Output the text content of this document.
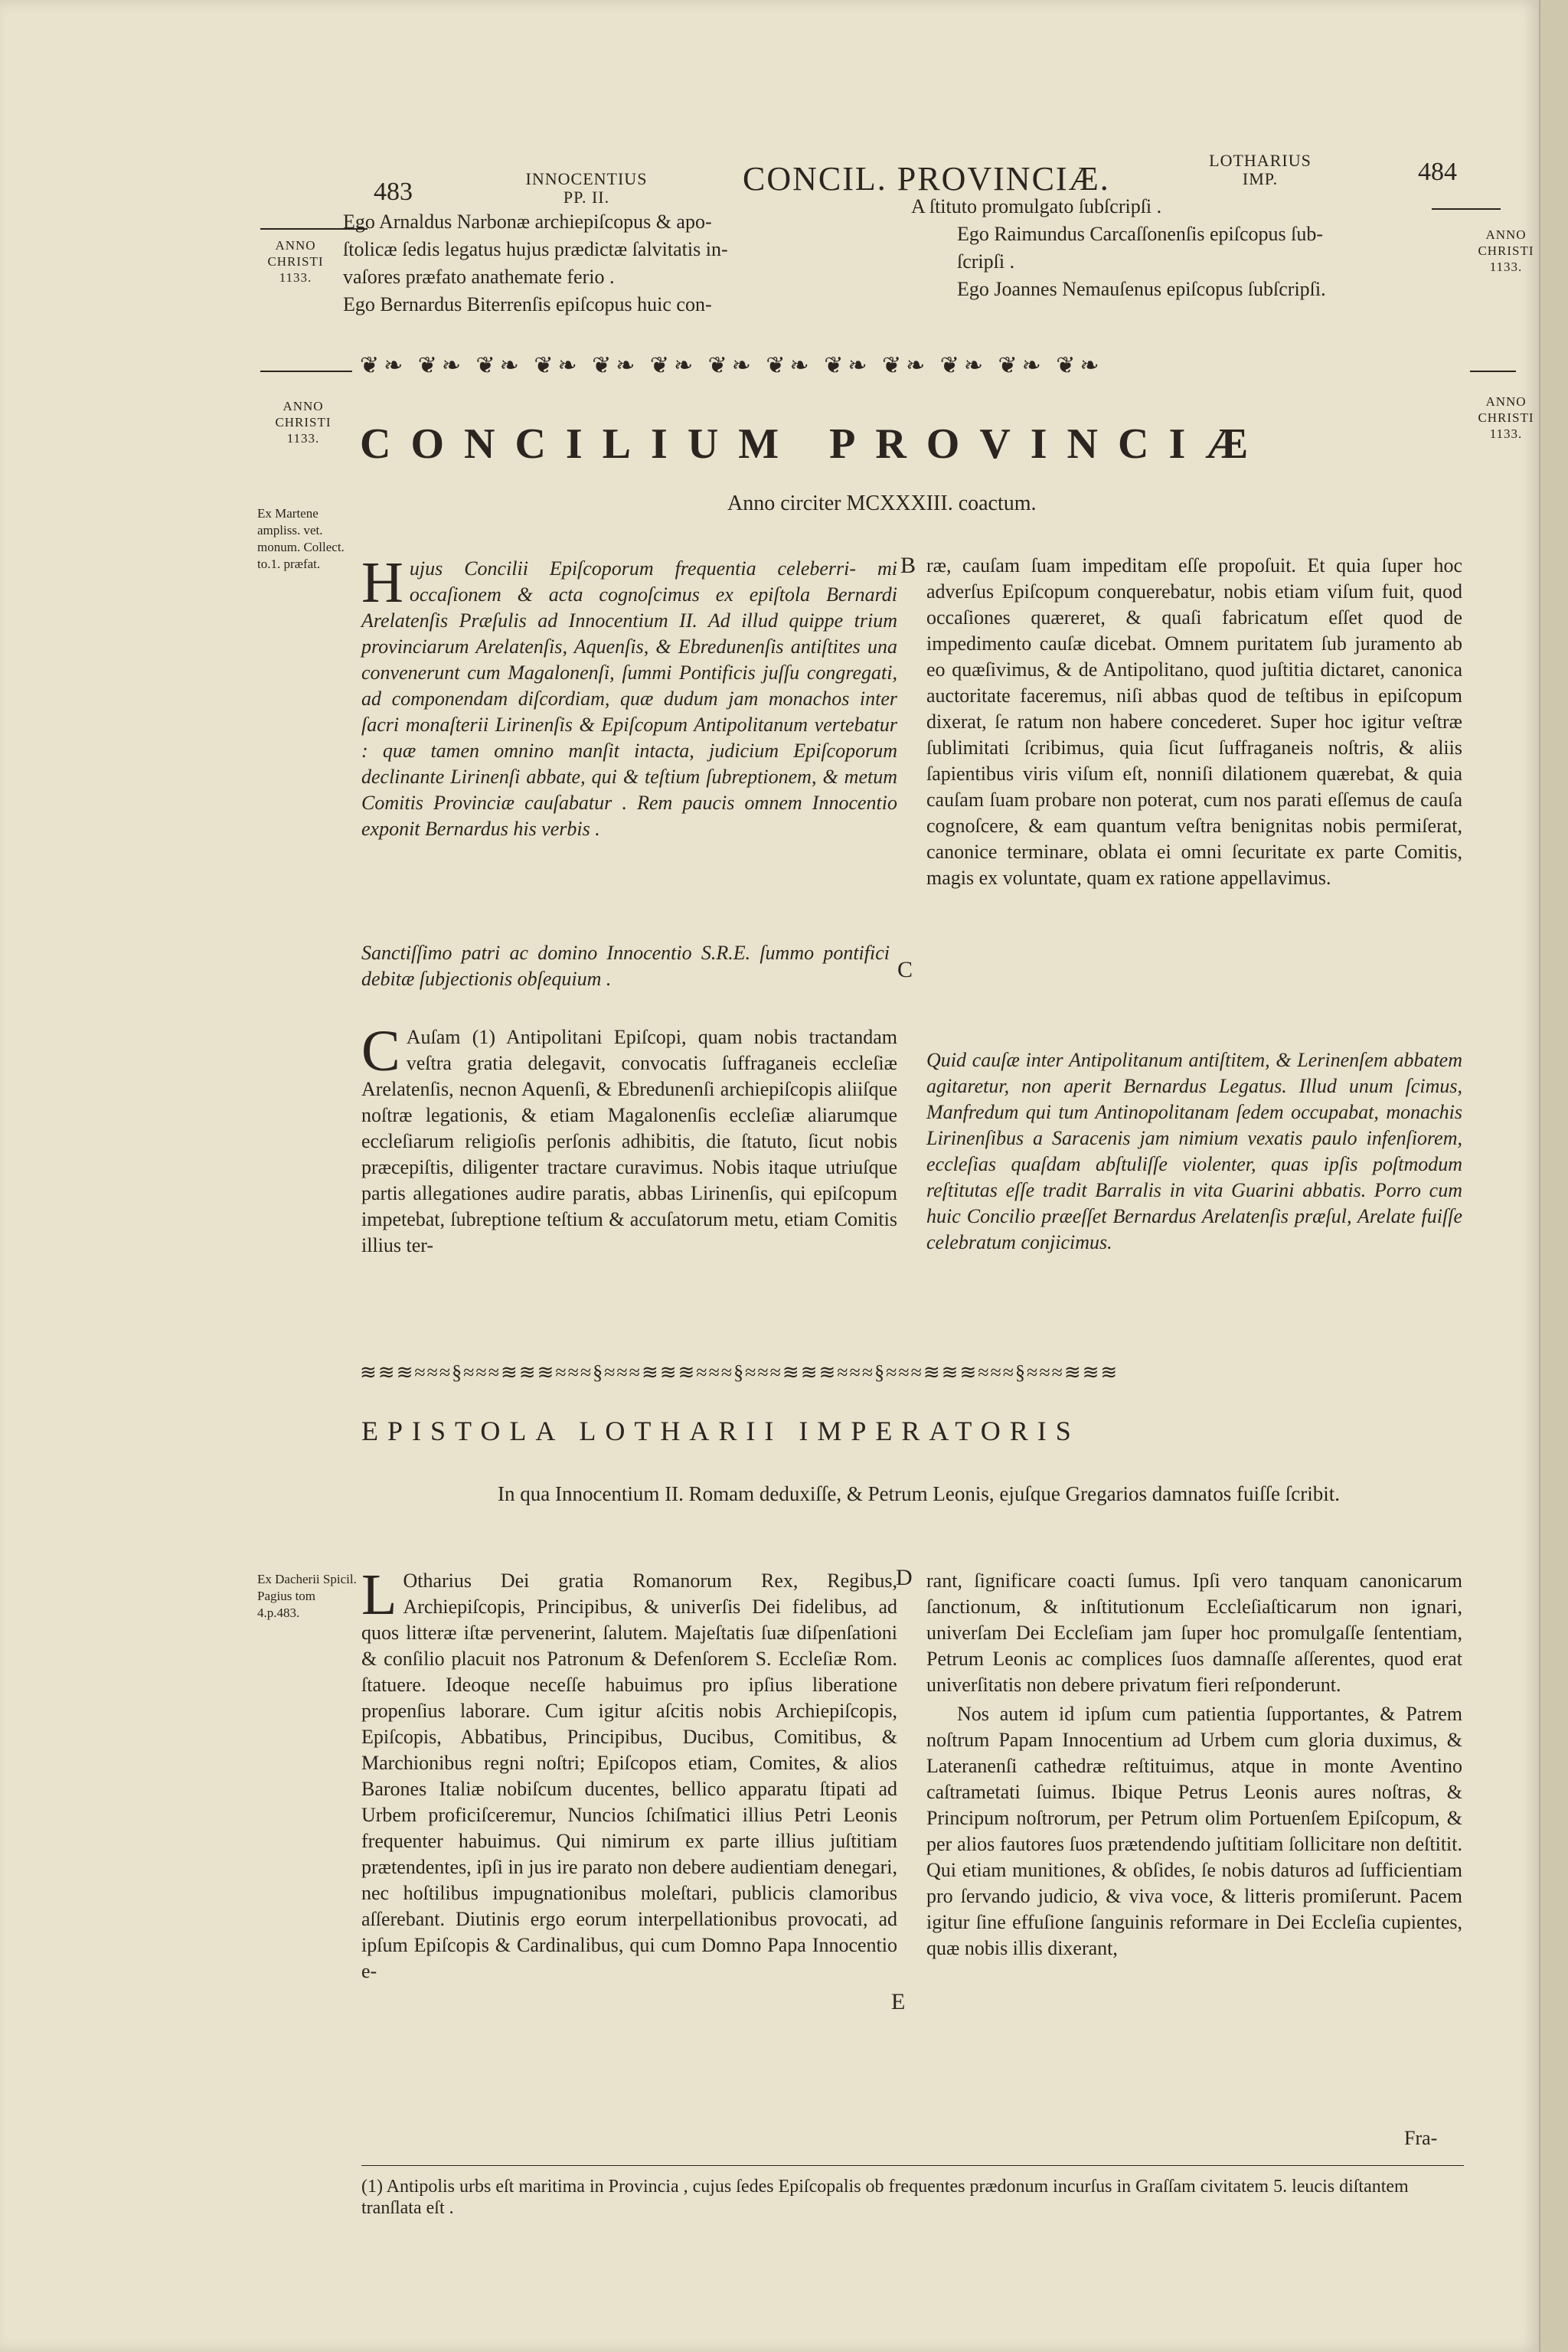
483	INNOCENTIUS
PP. II.	CONCIL. PROVINCIÆ.	LOTHARIUS
IMP.	484
ANNO CHRISTI 1133.
ANNO CHRISTI 1133.
Ego Arnaldus Narbonæ archiepiſcopus & apo-
ſtolicæ ſedis legatus hujus prædictæ ſalvitatis in-
vaſores præfato anathemate ferio .
Ego Bernardus Biterrenſis epiſcopus huic con-
A ſtituto promulgato ſubſcripſi .
Ego Raimundus Carcaſſonenſis epiſcopus ſub-
ſcripſi .
Ego Joannes Nemauſenus epiſcopus ſubſcripſi.
❦❧ ❦❧ ❦❧ ❦❧ ❦❧ ❦❧ ❦❧ ❦❧ ❦❧ ❦❧ ❦❧ ❦❧ ❦❧
ANNO CHRISTI 1133.
ANNO CHRISTI 1133.
CONCILIUM PROVINCIÆ
Anno circiter MCXXXIII. coactum.
Ex Martene ampliss. vet. monum. Collect. to.1. præfat. Hujus Concilii Epiſcoporum frequentia celeberri- mi occaſionem & acta cognoſcimus ex epiſtola Bernardi Arelatenſis Præſulis ad Innocentium II. Ad illud quippe trium provinciarum Arelatenſis, Aquenſis, & Ebredunenſis antiſtites una convenerunt cum Magalonenſi, ſummi Pontificis juſſu congregati, ad componendam diſcordiam, quæ dudum jam monachos inter ſacri monaſterii Lirinenſis & Epiſcopum Antipolitanum vertebatur : quæ tamen omnino manſit intacta, judicium Epiſcoporum declinante Lirinenſi abbate, qui & teſtium ſubreptionem, & metum Comitis Provinciæ cauſabatur . Rem paucis omnem Innocentio exponit Bernardus his verbis .
Sanctiſſimo patri ac domino Innocentio S.R.E. ſummo pontifici debitæ ſubjectionis obſequium .
C Auſam (1) Antipolitani Epiſcopi, quam nobis tractandam veſtra gratia delegavit, convocatis ſuffraganeis eccleſiæ Arelatenſis, necnon Aquenſi, & Ebredunenſi archiepiſcopis aliiſque noſtræ legationis, & etiam Magalonenſis eccleſiæ aliarumque eccleſiarum religioſis perſonis adhibitis, die ſtatuto, ſicut nobis præcepiſtis, diligenter tractare curavimus. Nobis itaque utriuſque partis allegationes audire paratis, abbas Lirinenſis, qui epiſcopum impetebat, ſubreptione teſtium & accuſatorum metu, etiam Comitis illius ter-
B
C
ræ, cauſam ſuam impeditam eſſe propoſuit. Et quia ſuper hoc adverſus Epiſcopum conquerebatur, nobis etiam viſum fuit, quod occaſiones quæreret, & quaſi fabricatum eſſet quod de impedimento cauſæ dicebat. Omnem puritatem ſub juramento ab eo quæſivimus, & de Antipolitano, quod juſtitia dictaret, canonica auctoritate faceremus, niſi abbas quod de teſtibus in epiſcopum dixerat, ſe ratum non habere concederet. Super hoc igitur veſtræ ſublimitati ſcribimus, quia ſicut ſuffraganeis noſtris, & aliis ſapientibus viris viſum eſt, nonniſi dilationem quærebat, & quia cauſam ſuam probare non poterat, cum nos parati eſſemus de cauſa cognoſcere, & eam quantum veſtra benignitas nobis permiſerat, canonice terminare, oblata ei omni ſecuritate ex parte Comitis, magis ex voluntate, quam ex ratione appellavimus.
Quid cauſæ inter Antipolitanum antiſtitem, & Lerinenſem abbatem agitaretur, non aperit Bernardus Legatus. Illud unum ſcimus, Manfredum qui tum Antinopolitanam ſedem occupabat, monachis Lirinenſibus a Saracenis jam nimium vexatis paulo infenſiorem, eccleſias quaſdam abſtuliſſe violenter, quas ipſis poſtmodum reſtitutas eſſe tradit Barralis in vita Guarini abbatis. Porro cum huic Concilio præeſſet Bernardus Arelatenſis præſul, Arelate fuiſſe celebratum conjicimus.
≋≋≋≈≈≈§≈≈≈≋≋≋≈≈≈§≈≈≈≋≋≋≈≈≈§≈≈≈≋≋≋≈≈≈§≈≈≈≋≋≋≈≈≈§≈≈≈≋≋≋
EPISTOLA LOTHARII IMPERATORIS
In qua Innocentium II. Romam deduxiſſe, & Petrum Leonis, ejuſque Gregarios damnatos fuiſſe ſcribit.
Ex Dacherii Spicil. Pagius tom 4.p.483.	L Otharius Dei gratia Romanorum Rex, Regibus, Archiepiſcopis, Principibus, & univerſis Dei fidelibus, ad quos litteræ iſtæ pervenerint, ſalutem. Majeſtatis ſuæ diſpenſationi & conſilio placuit nos Patronum & Defenſorem S. Eccleſiæ Rom. ſtatuere. Ideoque neceſſe habuimus pro ipſius liberatione propenſius laborare. Cum igitur aſcitis nobis Archiepiſcopis, Epiſcopis, Abbatibus, Principibus, Ducibus, Comitibus, & Marchionibus regni noſtri; Epiſcopos etiam, Comites, & alios Barones Italiæ nobiſcum ducentes, bellico apparatu ſtipati ad Urbem proficiſceremur, Nuncios ſchiſmatici illius Petri Leonis frequenter habuimus. Qui nimirum ex parte illius juſtitiam prætendentes, ipſi in jus ire parato non debere audientiam denegari, nec hoſtilibus impugnationibus moleſtari, publicis clamoribus aſſerebant. Diutinis ergo eorum interpellationibus provocati, ad ipſum Epiſcopis & Cardinalibus, qui cum Domno Papa Innocentio e-
D
E
rant, ſignificare coacti ſumus. Ipſi vero tanquam canonicarum ſanctionum, & inſtitutionum Eccleſiaſticarum non ignari, univerſam Dei Eccleſiam jam ſuper hoc promulgaſſe ſententiam, Petrum Leonis ac complices ſuos damnaſſe aſſerentes, quod erat univerſitatis non debere privatum fieri reſponderunt.
Nos autem id ipſum cum patientia ſupportantes, & Patrem noſtrum Papam Innocentium ad Urbem cum gloria duximus, & Lateranenſi cathedræ reſtituimus, atque in monte Aventino caſtrametati ſuimus. Ibique Petrus Leonis aures noſtras, & Principum noſtrorum, per Petrum olim Portuenſem Epiſcopum, & per alios fautores ſuos prætendendo juſtitiam ſollicitare non deſtitit. Qui etiam munitiones, & obſides, ſe nobis daturos ad ſufficientiam pro ſervando judicio, & viva voce, & litteris promiſerunt. Pacem igitur ſine effuſione ſanguinis reformare in Dei Eccleſia cupientes, quæ nobis illis dixerant,
Fra-
(1) Antipolis urbs eſt maritima in Provincia , cujus ſedes Epiſcopalis ob frequentes prædonum incurſus in Graſſam civitatem 5. leucis diſtantem tranſlata eſt .
